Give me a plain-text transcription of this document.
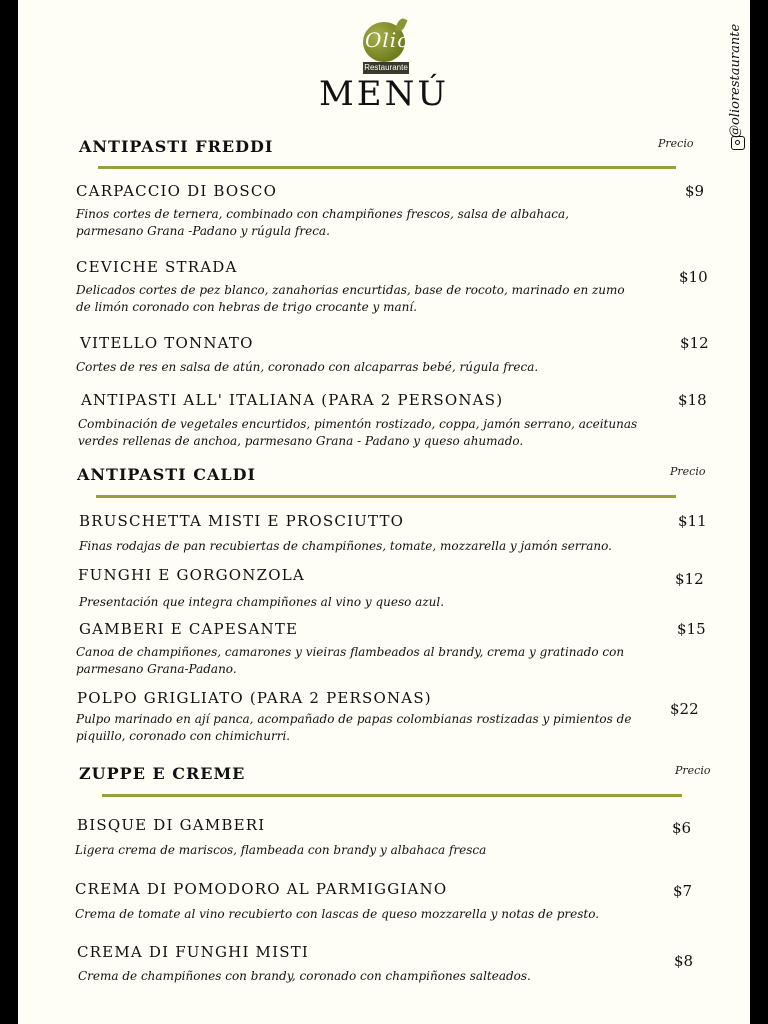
Olio
Restaurante
MENÚ	@oliorestaurante
ANTIPASTI FREDDI	Precio
CARPACCIO DI BOSCO
Finos cortes de ternera, combinado con champiñones frescos, salsa de albahaca, parmesano Grana -Padano y rúgula freca.
$9
CEVICHE STRADA
Delicados cortes de pez blanco, zanahorias encurtidas, base de rocoto, marinado en zumo de limón coronado con hebras de trigo crocante y maní.
$10
VITELLO TONNATO
Cortes de res en salsa de atún, coronado con alcaparras bebé, rúgula freca.
$12
ANTIPASTI ALL' ITALIANA (PARA 2 PERSONAS)
Combinación de vegetales encurtidos, pimentón rostizado, coppa, jamón serrano, aceitunas verdes rellenas de anchoa, parmesano Grana - Padano y queso ahumado.
$18
ANTIPASTI CALDI	Precio
BRUSCHETTA MISTI E PROSCIUTTO
Finas rodajas de pan recubiertas de champiñones, tomate, mozzarella y jamón serrano.
$11
FUNGHI E GORGONZOLA
Presentación que integra champiñones al vino y queso azul.
$12
GAMBERI E CAPESANTE
Canoa de champiñones, camarones y vieiras flambeados al brandy, crema y gratinado con parmesano Grana-Padano.
$15
POLPO GRIGLIATO (PARA 2 PERSONAS)
Pulpo marinado en ají panca, acompañado de papas colombianas rostizadas y pimientos de piquillo, coronado con chimichurri.
$22
ZUPPE E CREME	Precio
BISQUE DI GAMBERI
Ligera crema de mariscos, flambeada con brandy y albahaca fresca
$6
CREMA DI POMODORO AL PARMIGGIANO
Crema de tomate al vino recubierto con lascas de queso mozzarella y notas de presto.
$7
CREMA DI FUNGHI MISTI
Crema de champiñones con brandy, coronado con champiñones salteados.
$8
